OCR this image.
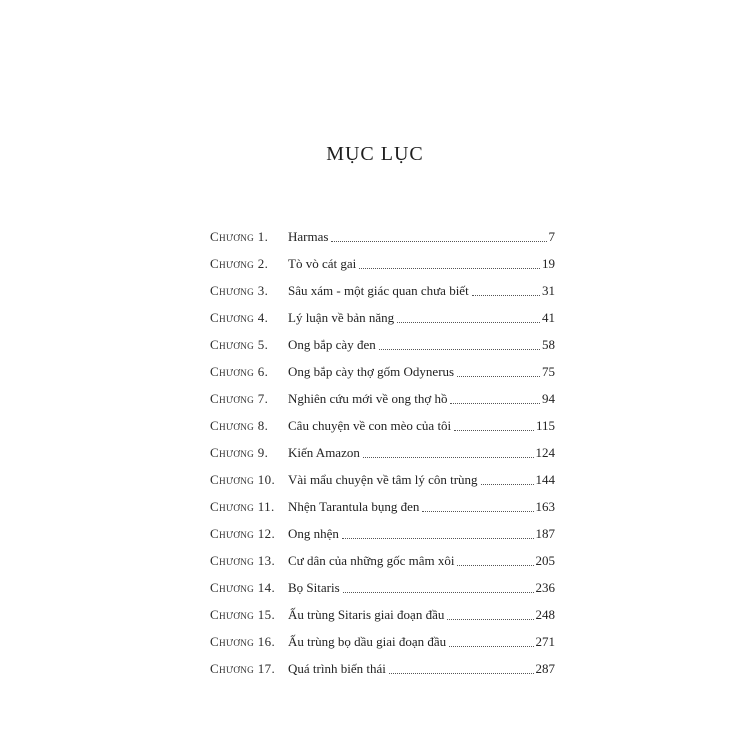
MỤC LỤC
Chương 1.	Harmas	7
Chương 2.	Tò vò cát gai	19
Chương 3.	Sâu xám - một giác quan chưa biết	31
Chương 4.	Lý luận về bản năng	41
Chương 5.	Ong bắp cày đen	58
Chương 6.	Ong bắp cày thợ gốm Odynerus	75
Chương 7.	Nghiên cứu mới về ong thợ hồ	94
Chương 8.	Câu chuyện về con mèo của tôi	115
Chương 9.	Kiến Amazon	124
Chương 10. Vài mẩu chuyện về tâm lý côn trùng	144
Chương 11.	Nhện Tarantula bụng đen	163
Chương 12. Ong nhện	187
Chương 13. Cư dân của những gốc mâm xôi	205
Chương 14. Bọ Sitaris	236
Chương 15. Ấu trùng Sitaris giai đoạn đầu	248
Chương 16. Ấu trùng bọ dầu giai đoạn đầu	271
Chương 17. Quá trình biến thái	287
